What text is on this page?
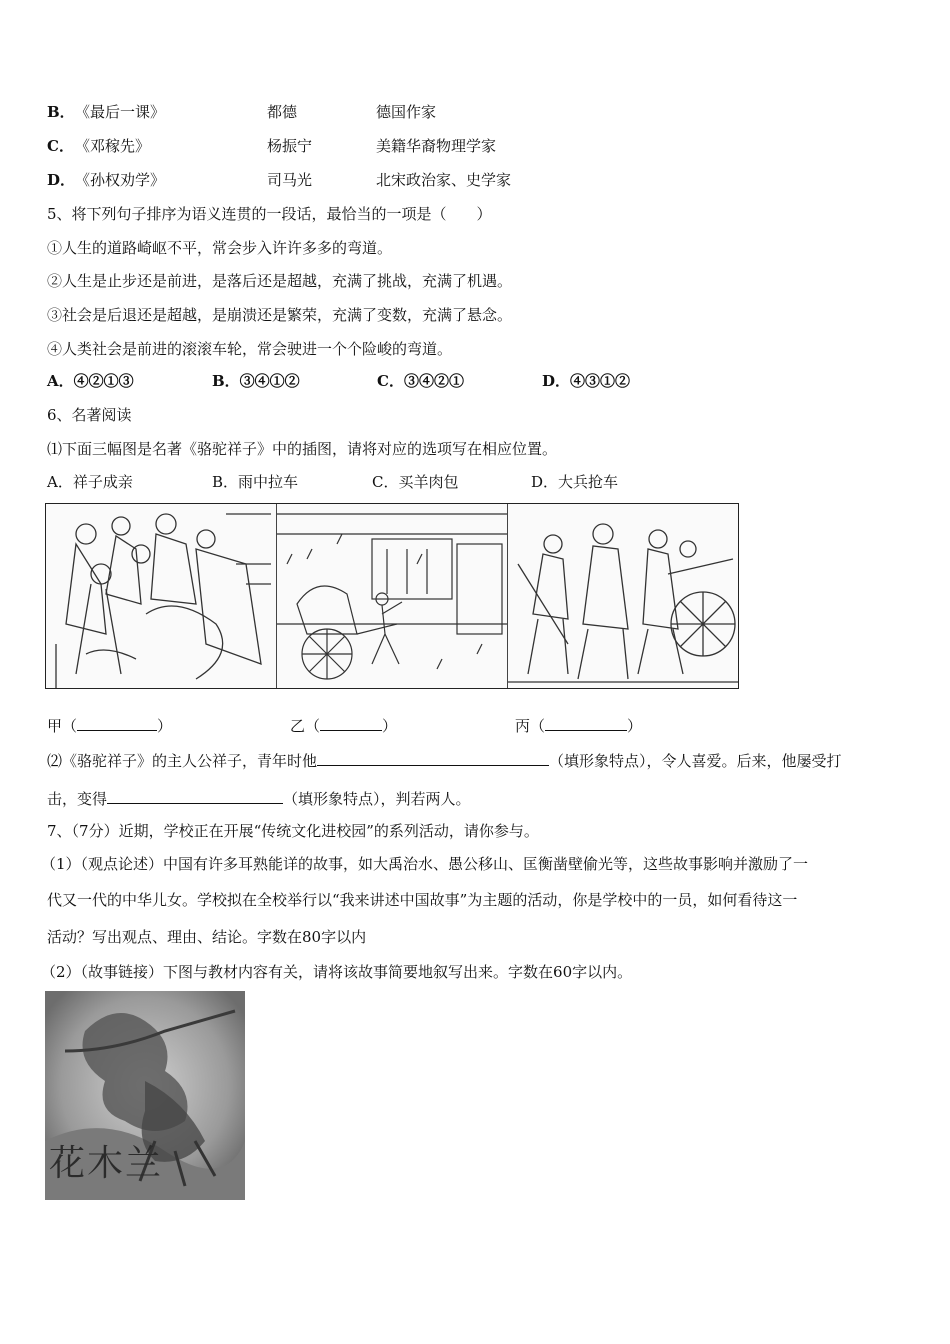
B． 《最后一课》	都德	德国作家
C． 《邓稼先》	杨振宁	美籍华裔物理学家
D． 《孙权劝学》	司马光	北宋政治家、史学家
5、将下列句子排序为语义连贯的一段话，最恰当的一项是（　　）
①人生的道路崎岖不平，常会步入许许多多的弯道。
②人生是止步还是前进，是落后还是超越，充满了挑战，充满了机遇。
③社会是后退还是超越，是崩溃还是繁荣，充满了变数，充满了悬念。
④人类社会是前进的滚滚车轮，常会驶进一个个险峻的弯道。
A．④②①③	B．③④①②	C．③④②①	D．④③①②
6、名著阅读
⑴下面三幅图是名著《骆驼祥子》中的插图，请将对应的选项写在相应位置。
A．祥子成亲	B．雨中拉车	C．买羊肉包	D．大兵抢车
甲（	）	乙（	）	丙（	）
⑵《骆驼祥子》的主人公祥子，青年时他	（填形象特点），令人喜爱。后来，他屡受打
击，变得	（填形象特点），判若两人。
7、（7分）近期，学校正在开展“传统文化进校园”的系列活动，请你参与。
（1）（观点论述）中国有许多耳熟能详的故事，如大禹治水、愚公移山、匡衡凿壁偷光等，这些故事影响并激励了一
代又一代的中华儿女。学校拟在全校举行以“我来讲述中国故事”为主题的活动，你是学校中的一员，如何看待这一
活动？写出观点、理由、结论。字数在80字以内
（2）（故事链接）下图与教材内容有关，请将该故事简要地叙写出来。字数在60字以内。
花木兰
